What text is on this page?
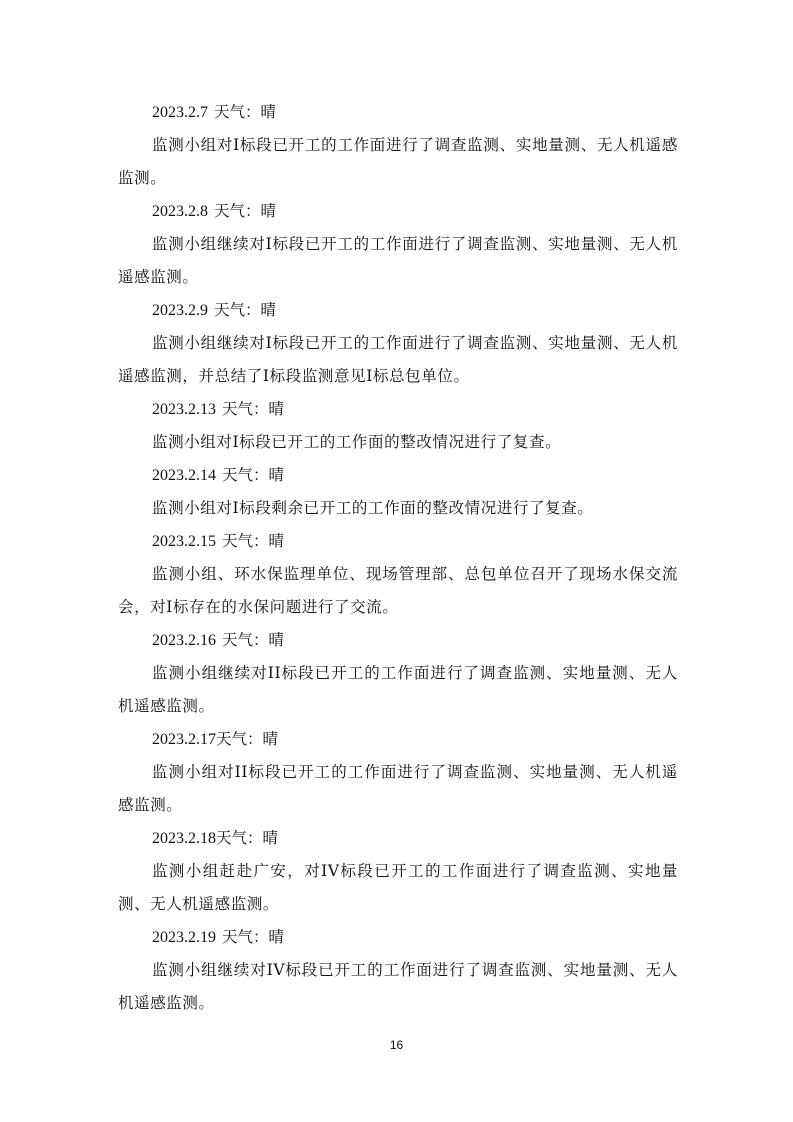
2023.2.7 天气：晴
监测小组对I标段已开工的工作面进行了调查监测、实地量测、无人机遥感监测。
2023.2.8 天气：晴
监测小组继续对I标段已开工的工作面进行了调查监测、实地量测、无人机遥感监测。
2023.2.9 天气：晴
监测小组继续对I标段已开工的工作面进行了调查监测、实地量测、无人机遥感监测，并总结了I标段监测意见I标总包单位。
2023.2.13 天气：晴
监测小组对I标段已开工的工作面的整改情况进行了复查。
2023.2.14 天气：晴
监测小组对I标段剩余已开工的工作面的整改情况进行了复查。
2023.2.15 天气：晴
监测小组、环水保监理单位、现场管理部、总包单位召开了现场水保交流会，对I标存在的水保问题进行了交流。
2023.2.16 天气：晴
监测小组继续对II标段已开工的工作面进行了调查监测、实地量测、无人机遥感监测。
2023.2.17天气：晴
监测小组对II标段已开工的工作面进行了调查监测、实地量测、无人机遥感监测。
2023.2.18天气：晴
监测小组赶赴广安，对IV标段已开工的工作面进行了调查监测、实地量测、无人机遥感监测。
2023.2.19 天气：晴
监测小组继续对IV标段已开工的工作面进行了调查监测、实地量测、无人机遥感监测。
16
